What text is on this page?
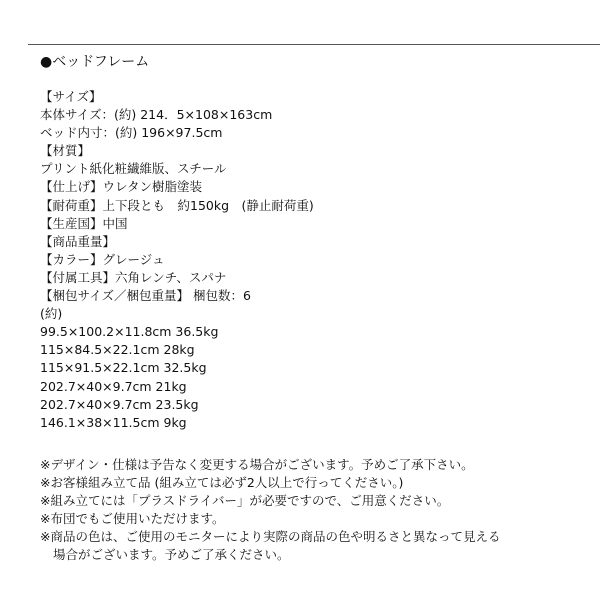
●ベッドフレーム
【サイズ】
本体サイズ：(約) 214．5×108×163cm
ベッド内寸：(約) 196×97.5cm
【材質】
プリント紙化粧繊維版、スチール
【仕上げ】ウレタン樹脂塗装
【耐荷重】上下段とも　約150kg　(静止耐荷重)
【生産国】中国
【商品重量】
【カラー】グレージュ
【付属工具】六角レンチ、スパナ
【梱包サイズ／梱包重量】 梱包数：6
(約)
99.5×100.2×11.8cm 36.5kg
115×84.5×22.1cm 28kg
115×91.5×22.1cm 32.5kg
202.7×40×9.7cm 21kg
202.7×40×9.7cm 23.5kg
146.1×38×11.5cm 9kg
※デザイン・仕様は予告なく変更する場合がございます。予めご了承下さい。
※お客様組み立て品 (組み立ては必ず2人以上で行ってください。)
※組み立てには「プラスドライバー」が必要ですので、ご用意ください。
※布団でもご使用いただけます。
※商品の色は、ご使用のモニターにより実際の商品の色や明るさと異なって見える
場合がございます。予めご了承ください。
